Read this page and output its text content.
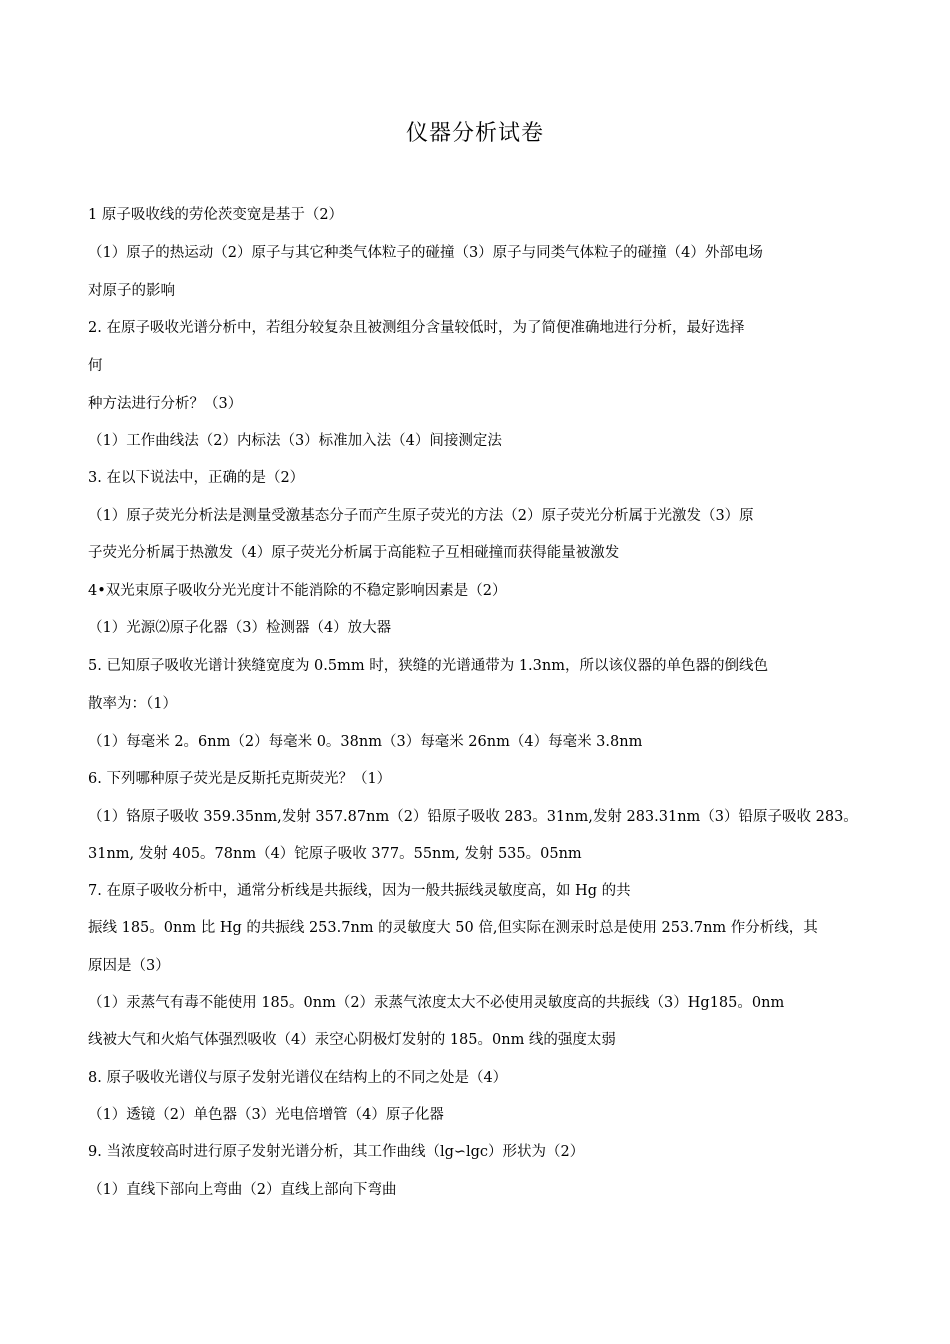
仪器分析试卷
1 原子吸收线的劳伦茨变宽是基于（2）
（1）原子的热运动（2）原子与其它种类气体粒子的碰撞（3）原子与同类气体粒子的碰撞（4）外部电场
对原子的影响
2. 在原子吸收光谱分析中，若组分较复杂且被测组分含量较低时，为了简便准确地进行分析，最好选择
何
种方法进行分析？（3）
（1）工作曲线法（2）内标法（3）标准加入法（4）间接测定法
3. 在以下说法中，正确的是（2）
（1）原子荧光分析法是测量受激基态分子而产生原子荧光的方法（2）原子荧光分析属于光激发（3）原
子荧光分析属于热激发（4）原子荧光分析属于高能粒子互相碰撞而获得能量被激发
4•双光束原子吸收分光光度计不能消除的不稳定影响因素是（2）
（1）光源⑵原子化器（3）检测器（4）放大器
5. 已知原子吸收光谱计狭缝宽度为 0.5mm 时，狭缝的光谱通带为 1.3nm，所以该仪器的单色器的倒线色
散率为：（1）
（1）每毫米 2。6nm（2）每毫米 0。38nm（3）每毫米 26nm（4）每毫米 3.8nm
6. 下列哪种原子荧光是反斯托克斯荧光？（1）
（1）铬原子吸收 359.35nm,发射 357.87nm（2）铅原子吸收 283。31nm,发射 283.31nm（3）铅原子吸收 283。
31nm, 发射 405。78nm（4）铊原子吸收 377。55nm, 发射 535。05nm
7. 在原子吸收分析中，通常分析线是共振线，因为一般共振线灵敏度高，如 Hg 的共
振线 185。0nm 比 Hg 的共振线 253.7nm 的灵敏度大 50 倍,但实际在测汞时总是使用 253.7nm 作分析线，其
原因是（3）
（1）汞蒸气有毒不能使用 185。0nm（2）汞蒸气浓度太大不必使用灵敏度高的共振线（3）Hg185。0nm
线被大气和火焰气体强烈吸收（4）汞空心阴极灯发射的 185。0nm 线的强度太弱
8. 原子吸收光谱仪与原子发射光谱仪在结构上的不同之处是（4）
（1）透镜（2）单色器（3）光电倍增管（4）原子化器
9. 当浓度较高时进行原子发射光谱分析，其工作曲线（lg∽lgc）形状为（2）
（1）直线下部向上弯曲（2）直线上部向下弯曲
